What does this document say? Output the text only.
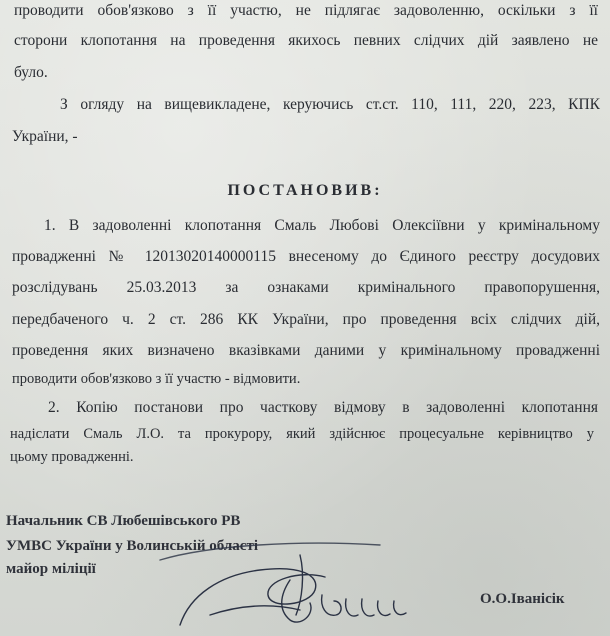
проводити обов'язково з її участю, не підлягає задоволенню, оскільки з її
сторони клопотання на проведення якихось певних слідчих дій заявлено не
було.
З огляду на вищевикладене, керуючись ст.ст. 110, 111, 220, 223, КПК
України, -
ПОСТАНОВИВ:
1. В задоволенні клопотання Смаль Любові Олексіївни у кримінальному
провадженні № 12013020140000115 внесеному до Єдиного реєстру досудових
розслідувань 25.03.2013 за ознаками кримінального правопорушення,
передбаченого ч. 2 ст. 286 КК України, про проведення всіх слідчих дій,
проведення яких визначено вказівками даними у кримінальному провадженні
проводити обов'язково з її участю - відмовити.
2. Копію постанови про часткову відмову в задоволенні клопотання
надіслати Смаль Л.О. та прокурору, який здійснює процесуальне керівництво у
цьому провадженні.
Начальник СВ Любешівського РВ
УМВС України у Волинській області
майор міліції
О.О.Іванісік
